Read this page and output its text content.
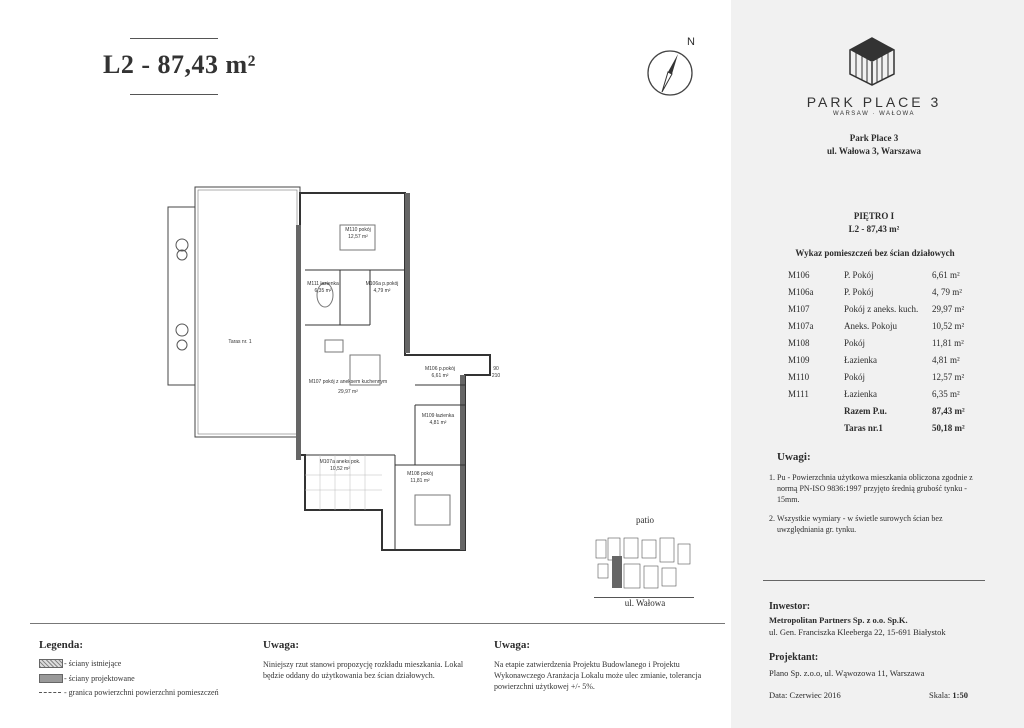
L2 - 87,43 m²
N
PARK PLACE 3
WARSAW · WAŁOWA
Park Place 3
ul. Wałowa 3, Warszawa
PIĘTRO I
L2 - 87,43 m²
Wykaz pomieszczeń bez ścian działowych
M106	P. Pokój	6,61 m²
M106a	P. Pokój	4, 79 m²
M107	Pokój z aneks. kuch.	29,97 m²
M107a	Aneks. Pokoju	10,52 m²
M108	Pokój	11,81 m²
M109	Łazienka	4,81 m²
M110	Pokój	12,57 m²
M111	Łazienka	6,35 m²
	Razem P.u.	87,43 m²
	Taras nr.1	50,18 m²
Uwagi:
1. Pu - Powierzchnia użytkowa mieszkania obliczona zgodnie z normą PN-ISO 9836:1997 przyjęto średnią grubość tynku - 15mm.
2. Wszystkie wymiary - w świetle surowych ścian bez uwzględniania gr. tynku.
Inwestor:
Metropolitan Partners Sp. z o.o. Sp.K.
ul. Gen. Franciszka Kleeberga 22, 15-691 Białystok
Projektant:
Plano Sp. z.o.o, ul. Wąwozowa 11, Warszawa
Data: Czerwiec 2016	Skala: 1:50
M110 pokój
12,57 m²
M111 łazienka
6,35 m²
M106a p.pokój
4,79 m²
M106 p.pokój
6,61 m²
M107 pokój z aneksem kuchennym
29,97 m²
M109 łazienka
4,81 m²
M107a aneks pok.
10,52 m²
M108 pokój
11,81 m²
Taras nr. 1
90
210
patio
ul. Wałowa
Legenda:
- ściany istniejące
- ściany projektowane
- granica powierzchni powierzchni pomieszczeń
Uwaga:
Niniejszy rzut stanowi propozycję rozkładu mieszkania. Lokal będzie oddany do użytkowania bez ścian działowych.
Uwaga:
Na etapie zatwierdzenia Projektu Budowlanego i Projektu Wykonawczego Aranżacja Lokalu może ulec zmianie, tolerancja powierzchni użytkowej +/- 5%.
